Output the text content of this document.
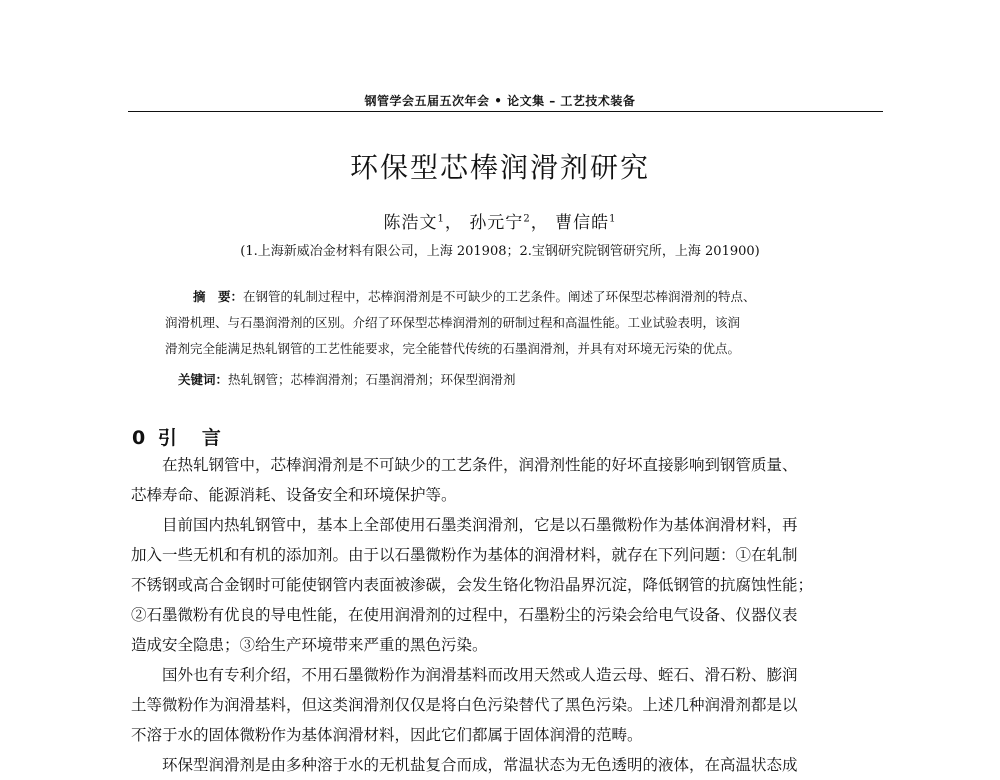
钢管学会五届五次年会 • 论文集 – 工艺技术装备
环保型芯棒润滑剂研究
陈浩文$^1$， 孙元宁$^2$， 曹信皓$^1$
(1.上海新威冶金材料有限公司，上海 201908；2.宝钢研究院钢管研究所，上海 201900)
摘　要：在钢管的轧制过程中，芯棒润滑剂是不可缺少的工艺条件。阐述了环保型芯棒润滑剂的特点、
润滑机理、与石墨润滑剂的区别。介绍了环保型芯棒润滑剂的研制过程和高温性能。工业试验表明，该润
滑剂完全能满足热轧钢管的工艺性能要求，完全能替代传统的石墨润滑剂，并具有对环境无污染的优点。
关键词：热轧钢管；芯棒润滑剂；石墨润滑剂；环保型润滑剂
0 引　言
在热轧钢管中，芯棒润滑剂是不可缺少的工艺条件，润滑剂性能的好坏直接影响到钢管质量、
芯棒寿命、能源消耗、设备安全和环境保护等。
目前国内热轧钢管中，基本上全部使用石墨类润滑剂，它是以石墨微粉作为基体润滑材料，再
加入一些无机和有机的添加剂。由于以石墨微粉作为基体的润滑材料，就存在下列问题：①在轧制
不锈钢或高合金钢时可能使钢管内表面被渗碳，会发生铬化物沿晶界沉淀，降低钢管的抗腐蚀性能；
②石墨微粉有优良的导电性能，在使用润滑剂的过程中，石墨粉尘的污染会给电气设备、仪器仪表
造成安全隐患；③给生产环境带来严重的黑色污染。
国外也有专利介绍，不用石墨微粉作为润滑基料而改用天然或人造云母、蛭石、滑石粉、膨润
土等微粉作为润滑基料，但这类润滑剂仅仅是将白色污染替代了黑色污染。上述几种润滑剂都是以
不溶于水的固体微粉作为基体润滑材料，因此它们都属于固体润滑的范畴。
环保型润滑剂是由多种溶于水的无机盐复合而成，常温状态为无色透明的液体，在高温状态成
